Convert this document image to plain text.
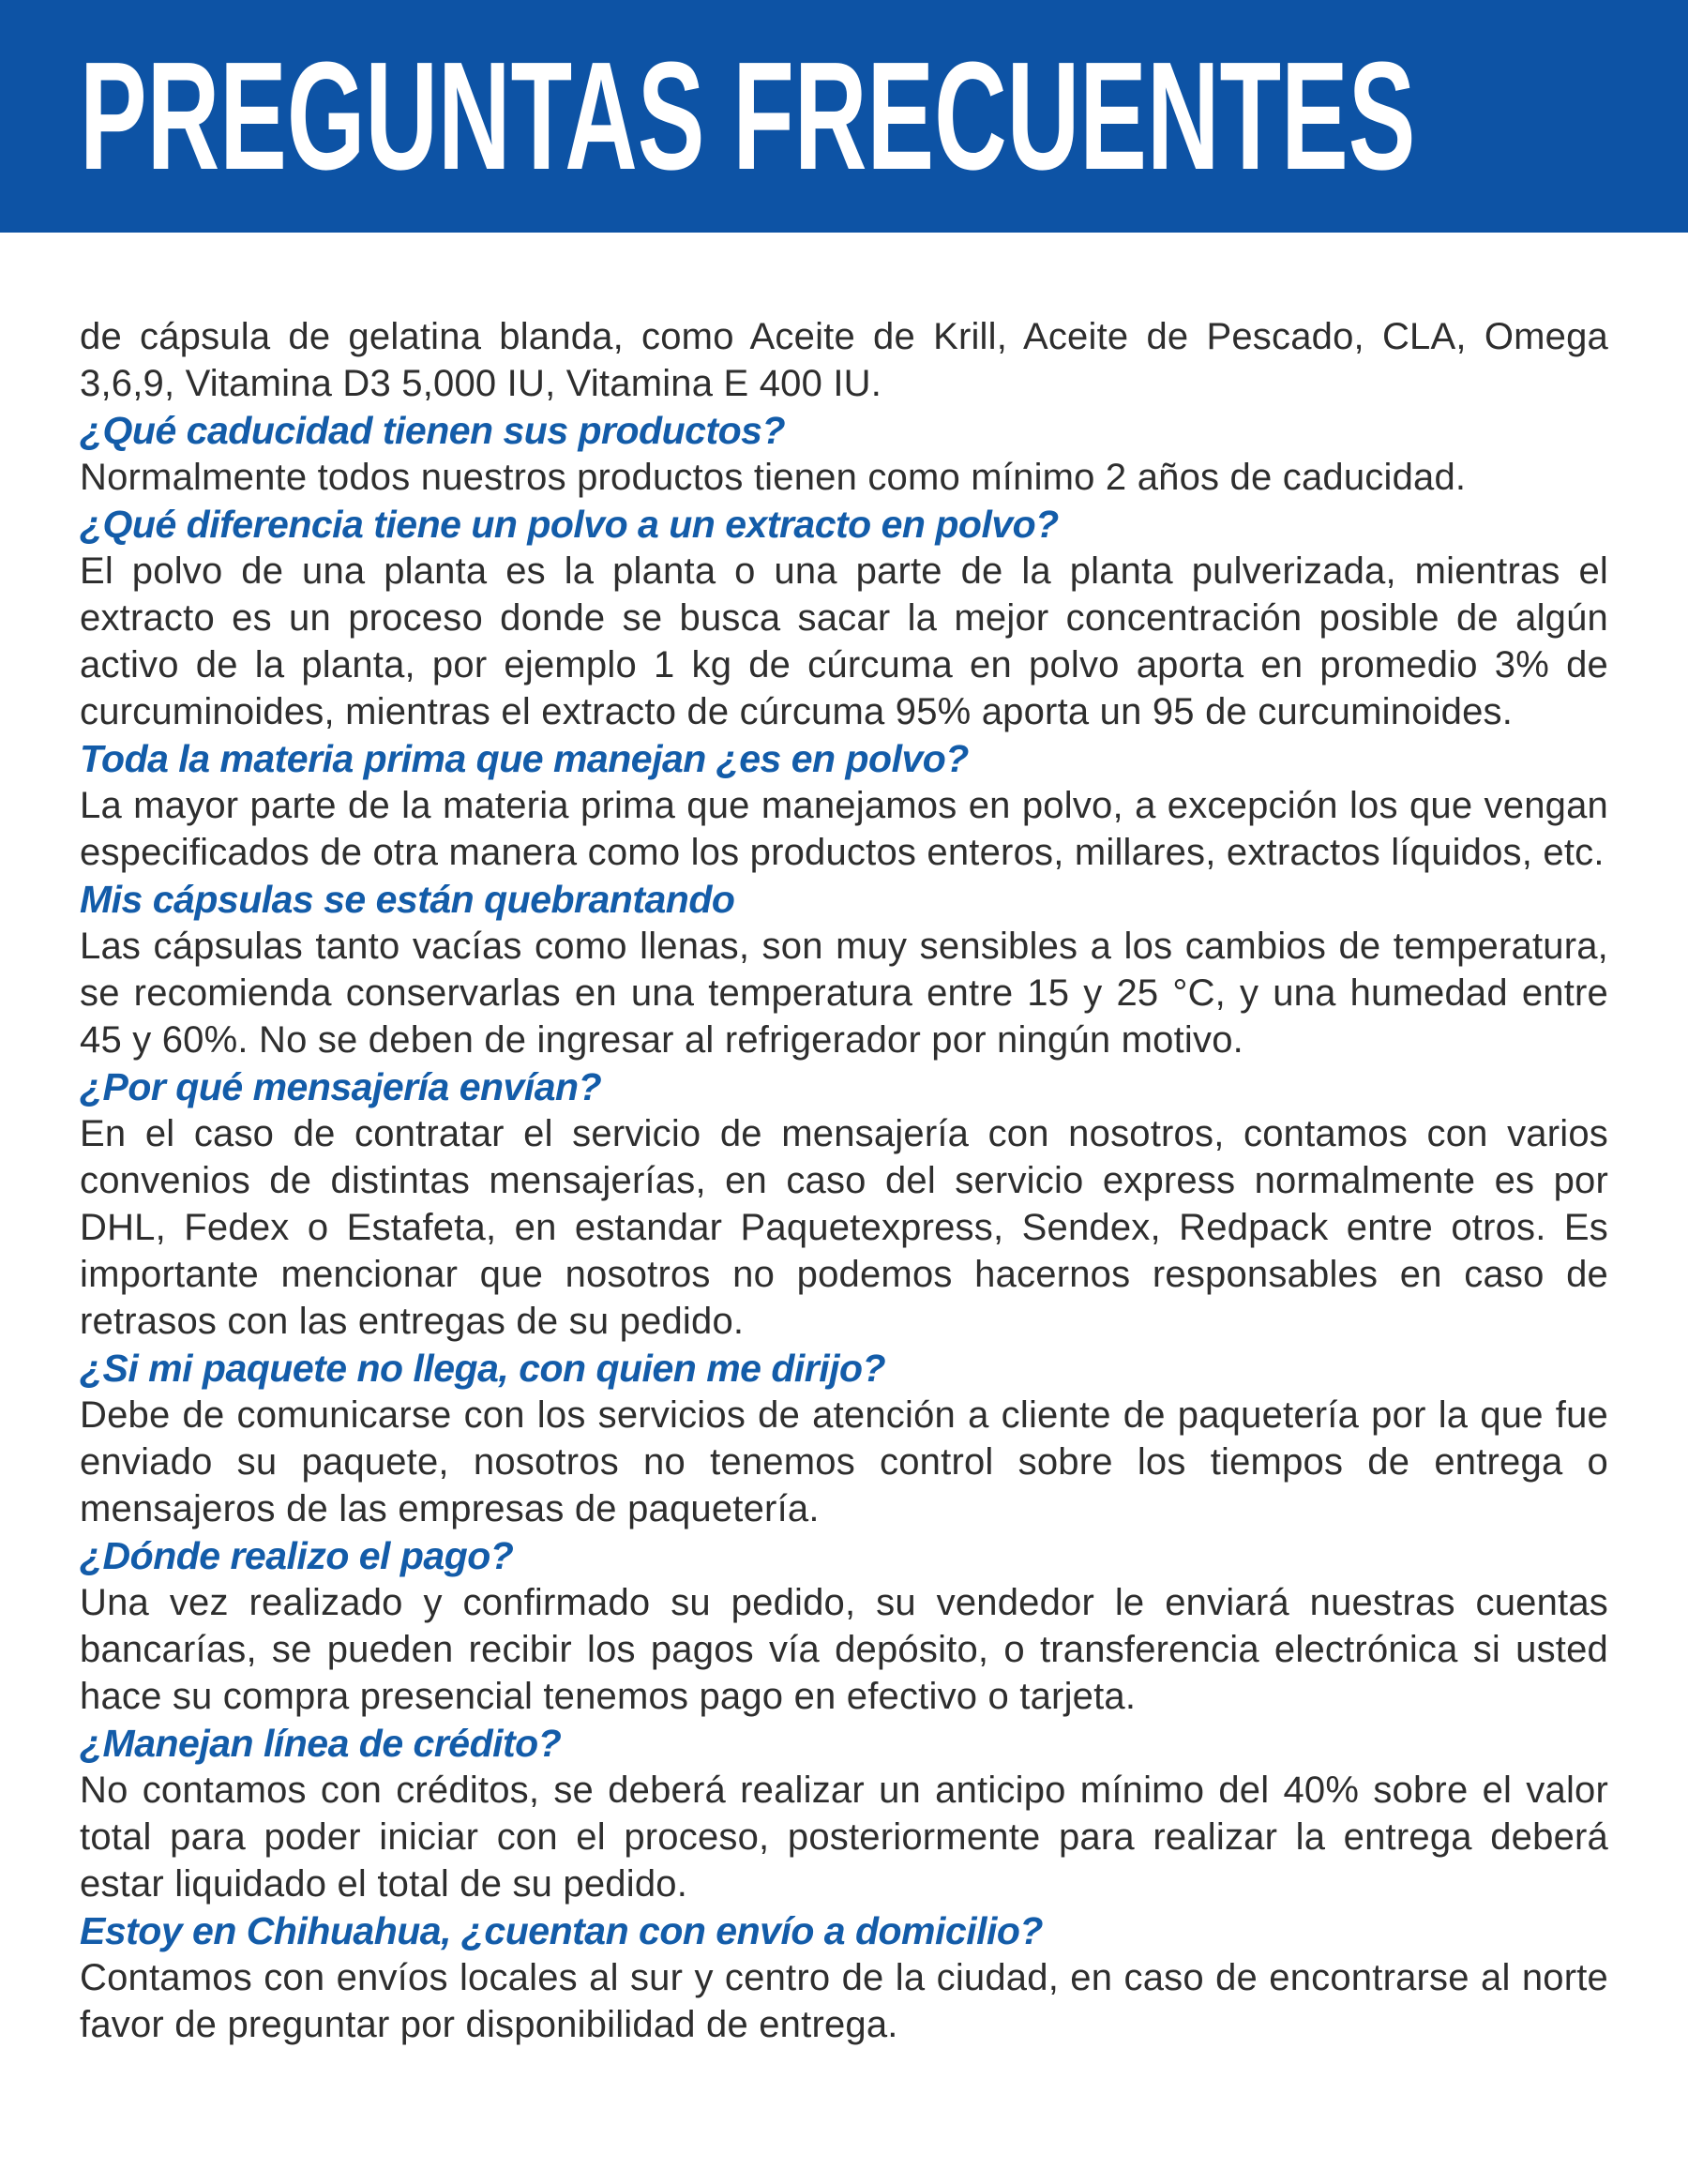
PREGUNTAS FRECUENTES

de cápsula de gelatina blanda, como Aceite de Krill, Aceite de Pescado, CLA, Omega 3,6,9, Vitamina D3 5,000 IU, Vitamina E 400 IU.

¿Qué caducidad tienen sus productos?

Normalmente todos nuestros productos tienen como mínimo 2 años de caducidad.

¿Qué diferencia tiene un polvo a un extracto en polvo?

El polvo de una planta es la planta o una parte de la planta pulverizada, mientras el extracto es un proceso donde se busca sacar la mejor concentración posible de algún activo de la planta, por ejemplo 1 kg de cúrcuma en polvo aporta en promedio 3% de curcuminoides, mientras el extracto de cúrcuma 95% aporta un 95 de curcuminoides.

Toda la materia prima que manejan ¿es en polvo?

La mayor parte de la materia prima que manejamos en polvo, a excepción los que vengan especificados de otra manera como los productos enteros, millares, extractos líquidos, etc.

Mis cápsulas se están quebrantando

Las cápsulas tanto vacías como llenas, son muy sensibles a los cambios de temperatura, se recomienda conservarlas en una temperatura entre 15 y 25 °C, y una humedad entre 45 y 60%. No se deben de ingresar al refrigerador por ningún motivo.

¿Por qué mensajería envían?

En el caso de contratar el servicio de mensajería con nosotros, contamos con varios convenios de distintas mensajerías, en caso del servicio express normalmente es por DHL, Fedex o Estafeta, en estandar Paquetexpress, Sendex, Redpack entre otros. Es importante mencionar que nosotros no podemos hacernos responsables en caso de retrasos con las entregas de su pedido.

¿Si mi paquete no llega, con quien me dirijo?

Debe de comunicarse con los servicios de atención a cliente de paquetería por la que fue enviado su paquete, nosotros no tenemos control sobre los tiempos de entrega o mensajeros de las empresas de paquetería.

¿Dónde realizo el pago?

Una vez realizado y confirmado su pedido, su vendedor le enviará nuestras cuentas bancarías, se pueden recibir los pagos vía depósito, o transferencia electrónica si usted hace su compra presencial tenemos pago en efectivo o tarjeta.

¿Manejan línea de crédito?

No contamos con créditos, se deberá realizar un anticipo mínimo del 40% sobre el valor total para poder iniciar con el proceso, posteriormente para realizar la entrega deberá estar liquidado el total de su pedido.

Estoy en Chihuahua, ¿cuentan con envío a domicilio?

Contamos con envíos locales al sur y centro de la ciudad, en caso de encontrarse al norte favor de preguntar por disponibilidad de entrega.
